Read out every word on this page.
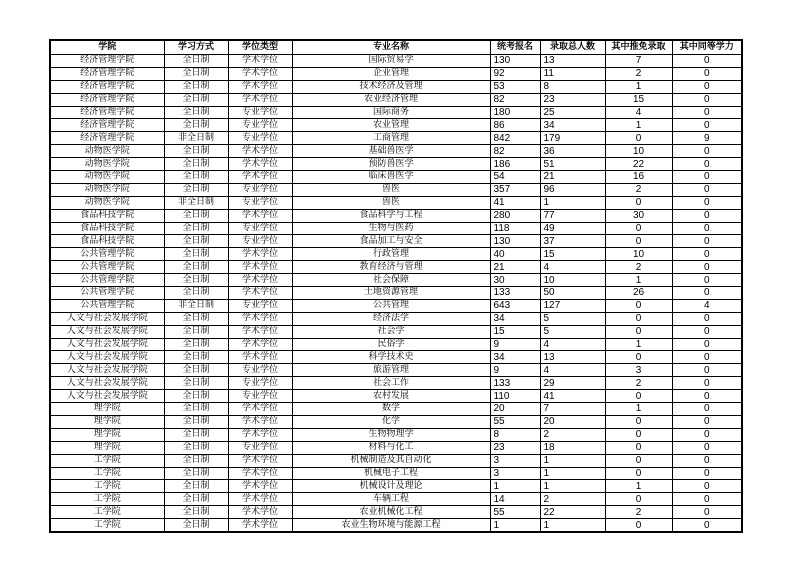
学院	学习方式	学位类型	专业名称	统考报名	录取总人数	其中推免录取	其中同等学力
经济管理学院	全日制	学术学位	国际贸易学	130	13	7	0
经济管理学院	全日制	学术学位	企业管理	92	11	2	0
经济管理学院	全日制	学术学位	技术经济及管理	53	8	1	0
经济管理学院	全日制	学术学位	农业经济管理	82	23	15	0
经济管理学院	全日制	专业学位	国际商务	180	25	4	0
经济管理学院	全日制	专业学位	农业管理	86	34	1	0
经济管理学院	非全日制	专业学位	工商管理	842	179	0	9
动物医学院	全日制	学术学位	基础兽医学	82	36	10	0
动物医学院	全日制	学术学位	预防兽医学	186	51	22	0
动物医学院	全日制	学术学位	临床兽医学	54	21	16	0
动物医学院	全日制	专业学位	兽医	357	96	2	0
动物医学院	非全日制	专业学位	兽医	41	1	0	0
食品科技学院	全日制	学术学位	食品科学与工程	280	77	30	0
食品科技学院	全日制	专业学位	生物与医药	118	49	0	0
食品科技学院	全日制	专业学位	食品加工与安全	130	37	0	0
公共管理学院	全日制	学术学位	行政管理	40	15	10	0
公共管理学院	全日制	学术学位	教育经济与管理	21	4	2	0
公共管理学院	全日制	学术学位	社会保障	30	10	1	0
公共管理学院	全日制	学术学位	土地资源管理	133	50	26	0
公共管理学院	非全日制	专业学位	公共管理	643	127	0	4
人文与社会发展学院	全日制	学术学位	经济法学	34	5	0	0
人文与社会发展学院	全日制	学术学位	社会学	15	5	0	0
人文与社会发展学院	全日制	学术学位	民俗学	9	4	1	0
人文与社会发展学院	全日制	学术学位	科学技术史	34	13	0	0
人文与社会发展学院	全日制	专业学位	旅游管理	9	4	3	0
人文与社会发展学院	全日制	专业学位	社会工作	133	29	2	0
人文与社会发展学院	全日制	专业学位	农村发展	110	41	0	0
理学院	全日制	学术学位	数学	20	7	1	0
理学院	全日制	学术学位	化学	55	20	0	0
理学院	全日制	学术学位	生物物理学	8	2	0	0
理学院	全日制	专业学位	材料与化工	23	18	0	0
工学院	全日制	学术学位	机械制造及其自动化	3	1	0	0
工学院	全日制	学术学位	机械电子工程	3	1	0	0
工学院	全日制	学术学位	机械设计及理论	1	1	1	0
工学院	全日制	学术学位	车辆工程	14	2	0	0
工学院	全日制	学术学位	农业机械化工程	55	22	2	0
工学院	全日制	学术学位	农业生物环境与能源工程	1	1	0	0
